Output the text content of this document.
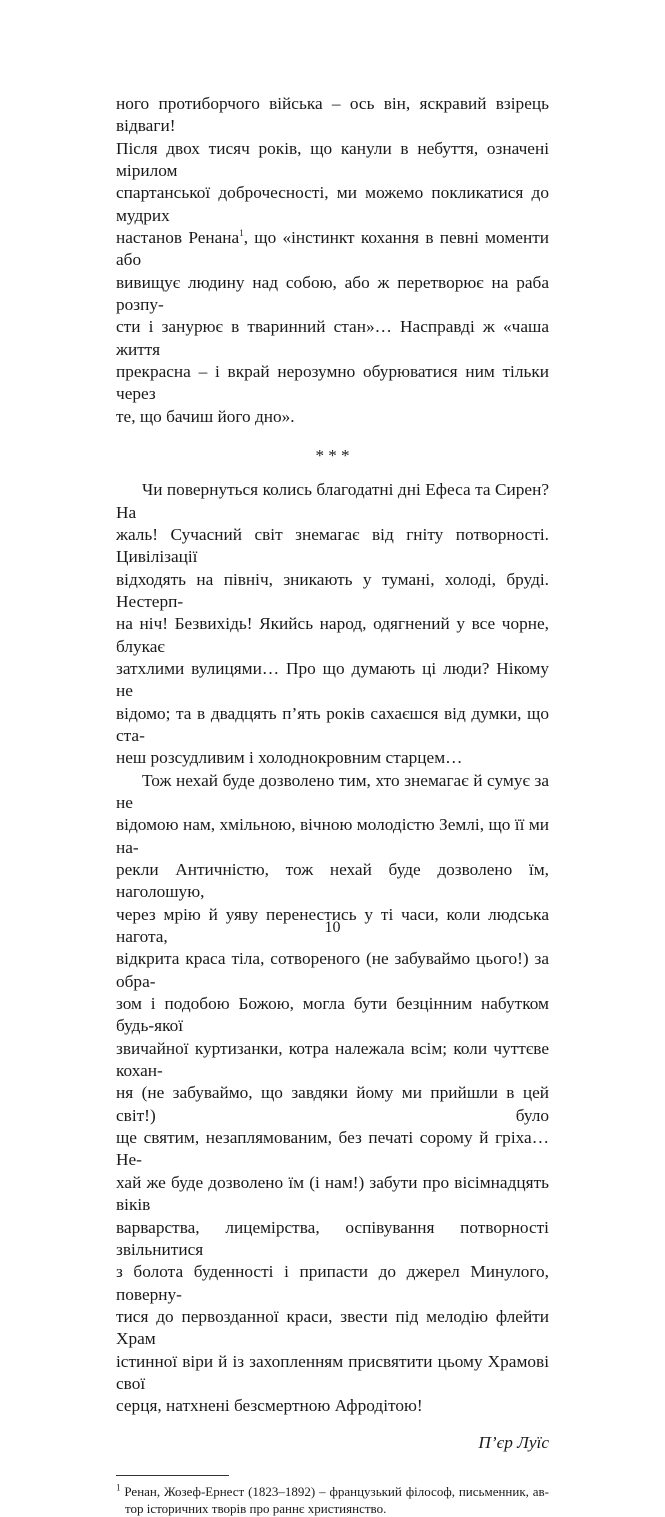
ного протиборчого війська – ось він, яскравий взірець відваги!
Після двох тисяч років, що канули в небуття, означені мірилом
спартанської доброчесності, ми можемо покликатися до мудрих
настанов Ренана$^1$, що «інстинкт кохання в певні моменти або
вивищує людину над собою, або ж перетворює на раба розпу-
сти і занурює в тваринний стан»… Насправді ж «чаша життя
прекрасна – і вкрай нерозумно обурюватися ним тільки через
те, що бачиш його дно».
* * *
Чи повернуться колись благодатні дні Ефеса та Сирен? На
жаль! Сучасний світ знемагає від гніту потворності. Цивілізації
відходять на північ, зникають у тумані, холоді, бруді. Нестерп-
на ніч! Безвихідь! Якийсь народ, одягнений у все чорне, блукає
затхлими вулицями… Про що думають ці люди? Нікому не
відомо; та в двадцять п’ять років сахаєшся від думки, що ста-
неш розсудливим і холоднокровним старцем…
Тож нехай буде дозволено тим, хто знемагає й сумує за не
відомою нам, хмільною, вічною молодістю Землі, що її ми на-
рекли Античністю, тож нехай буде дозволено їм, наголошую,
через мрію й уяву перенестись у ті часи, коли людська нагота,
відкрита краса тіла, сотвореного (не забуваймо цього!) за обра-
зом і подобою Божою, могла бути безцінним набутком будь-якої
звичайної куртизанки, котра належала всім; коли чуттєве кохан-
ня (не забуваймо, що завдяки йому ми прийшли в цей світ!) було
ще святим, незаплямованим, без печаті сорому й гріха… Не-
хай же буде дозволено їм (і нам!) забути про вісімнадцять віків
варварства, лицемірства, оспівування потворності звільнитися
з болота буденності і припасти до джерел Минулого, поверну-
тися до первозданної краси, звести під мелодію флейти Храм
істинної віри й із захопленням присвятити цьому Храмові свої
серця, натхнені безсмертною Афродітою!
П’єр Луїс
$^1$ Ренан, Жозеф-Ернест (1823–1892) – французький філософ, письменник, ав-
тор історичних творів про раннє християнство.
10
